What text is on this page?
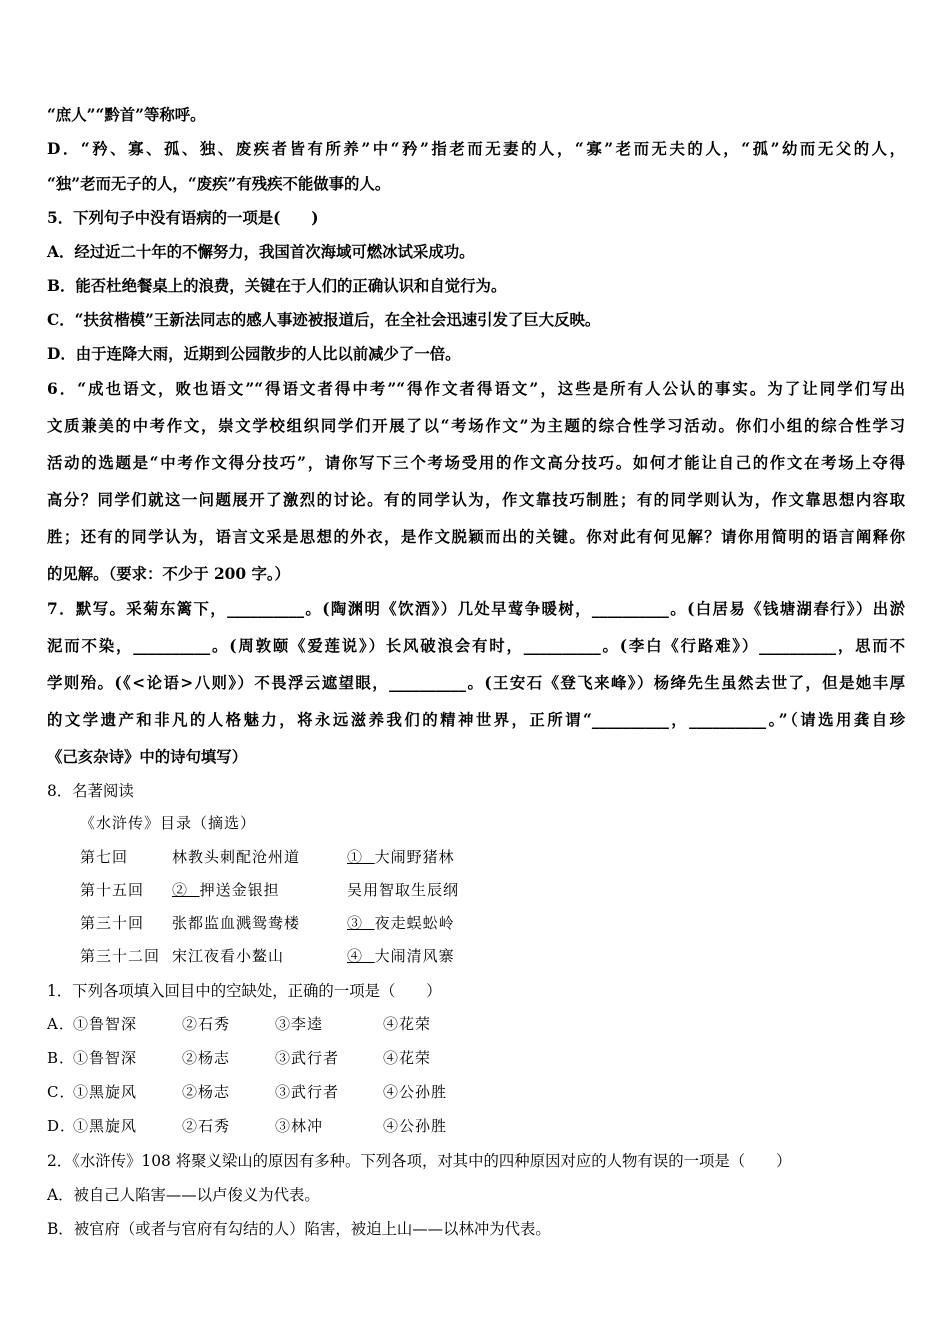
“庶人”“黔首”等称呼。
D．“矜、寡、孤、独、废疾者皆有所养”中“矜”指老而无妻的人，“寡”老而无夫的人，“孤”幼而无父的人，
“独”老而无子的人，“废疾”有残疾不能做事的人。
5．下列句子中没有语病的一项是(　　)
A．经过近二十年的不懈努力，我国首次海域可燃冰试采成功。
B．能否杜绝餐桌上的浪费，关键在于人们的正确认识和自觉行为。
C．“扶贫楷模”王新法同志的感人事迹被报道后，在全社会迅速引发了巨大反映。
D．由于连降大雨，近期到公园散步的人比以前减少了一倍。
6．“成也语文，败也语文”“得语文者得中考”“得作文者得语文”，这些是所有人公认的事实。为了让同学们写出
文质兼美的中考作文，崇文学校组织同学们开展了以“考场作文”为主题的综合性学习活动。你们小组的综合性学习
活动的选题是“中考作文得分技巧”，请你写下三个考场受用的作文高分技巧。如何才能让自己的作文在考场上夺得
高分？同学们就这一问题展开了激烈的讨论。有的同学认为，作文靠技巧制胜；有的同学则认为，作文靠思想内容取
胜；还有的同学认为，语言文采是思想的外衣，是作文脱颖而出的关键。你对此有何见解？请你用简明的语言阐释你
的见解。（要求：不少于 200 字。）
7．默写。采菊东篱下，__________。(陶渊明《饮酒》）几处早莺争暖树，__________。(白居易《钱塘湖春行》）出淤
泥而不染，__________。(周敦颐《爱莲说》）长风破浪会有时，__________。(李白《行路难》）__________，思而不
学则殆。(《<论语>八则》）不畏浮云遮望眼，__________。(王安石《登飞来峰》）杨绛先生虽然去世了，但是她丰厚
的文学遗产和非凡的人格魅力，将永远滋养我们的精神世界，正所谓“__________，__________。”（请选用龚自珍
《己亥杂诗》中的诗句填写）
8．名著阅读
《水浒传》目录（摘选）
第七回	林教头刺配沧州道	① 大闹野猪林
第十五回 ② 押送金银担	吴用智取生辰纲
第三十回 张都监血溅鸳鸯楼	③ 夜走蜈蚣岭
第三十二回 宋江夜看小鳌山	④ 大闹清风寨
1．下列各项填入回目中的空缺处，正确的一项是（　　）
A．
①鲁智深	②石秀	③李逵	④花荣
B．
①鲁智深	②杨志	③武行者	④花荣
C．
①黑旋风	②杨志	③武行者	④公孙胜
D．
①黑旋风	②石秀	③林冲	④公孙胜
2．《水浒传》108 将聚义梁山的原因有多种。下列各项，对其中的四种原因对应的人物有误的一项是（　　）
A．被自己人陷害——以卢俊义为代表。
B．被官府（或者与官府有勾结的人）陷害，被迫上山——以林冲为代表。
